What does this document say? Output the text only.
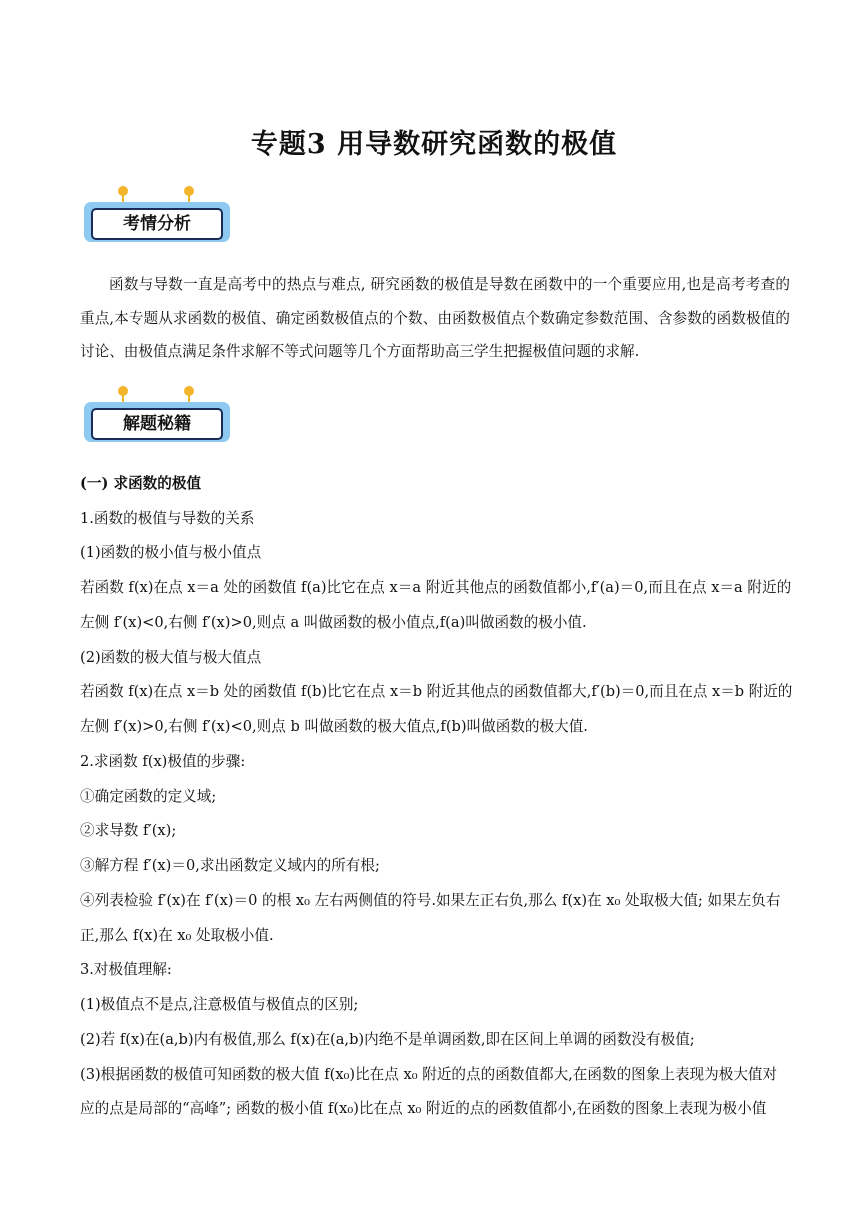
专题3 用导数研究函数的极值
考情分析
函数与导数一直是高考中的热点与难点, 研究函数的极值是导数在函数中的一个重要应用,也是高考考查的重点,本专题从求函数的极值、确定函数极值点的个数、由函数极值点个数确定参数范围、含参数的函数极值的讨论、由极值点满足条件求解不等式问题等几个方面帮助高三学生把握极值问题的求解.
解题秘籍
(一) 求函数的极值
1.函数的极值与导数的关系
(1)函数的极小值与极小值点
若函数 f(x)在点 x＝a 处的函数值 f(a)比它在点 x＝a 附近其他点的函数值都小,f′(a)＝0,而且在点 x＝a 附近的
左侧 f′(x)<0,右侧 f′(x)>0,则点 a 叫做函数的极小值点,f(a)叫做函数的极小值.
(2)函数的极大值与极大值点
若函数 f(x)在点 x＝b 处的函数值 f(b)比它在点 x＝b 附近其他点的函数值都大,f′(b)＝0,而且在点 x＝b 附近的
左侧 f′(x)>0,右侧 f′(x)<0,则点 b 叫做函数的极大值点,f(b)叫做函数的极大值.
2.求函数 f(x)极值的步骤:
①确定函数的定义域;
②求导数 f′(x);
③解方程 f′(x)＝0,求出函数定义域内的所有根;
④列表检验 f′(x)在 f′(x)＝0 的根 x₀ 左右两侧值的符号.如果左正右负,那么 f(x)在 x₀ 处取极大值; 如果左负右
正,那么 f(x)在 x₀ 处取极小值.
3.对极值理解:
(1)极值点不是点,注意极值与极值点的区别;
(2)若 f(x)在(a,b)内有极值,那么 f(x)在(a,b)内绝不是单调函数,即在区间上单调的函数没有极值;
(3)根据函数的极值可知函数的极大值 f(x₀)比在点 x₀ 附近的点的函数值都大,在函数的图象上表现为极大值对
应的点是局部的“高峰”; 函数的极小值 f(x₀)比在点 x₀ 附近的点的函数值都小,在函数的图象上表现为极小值
